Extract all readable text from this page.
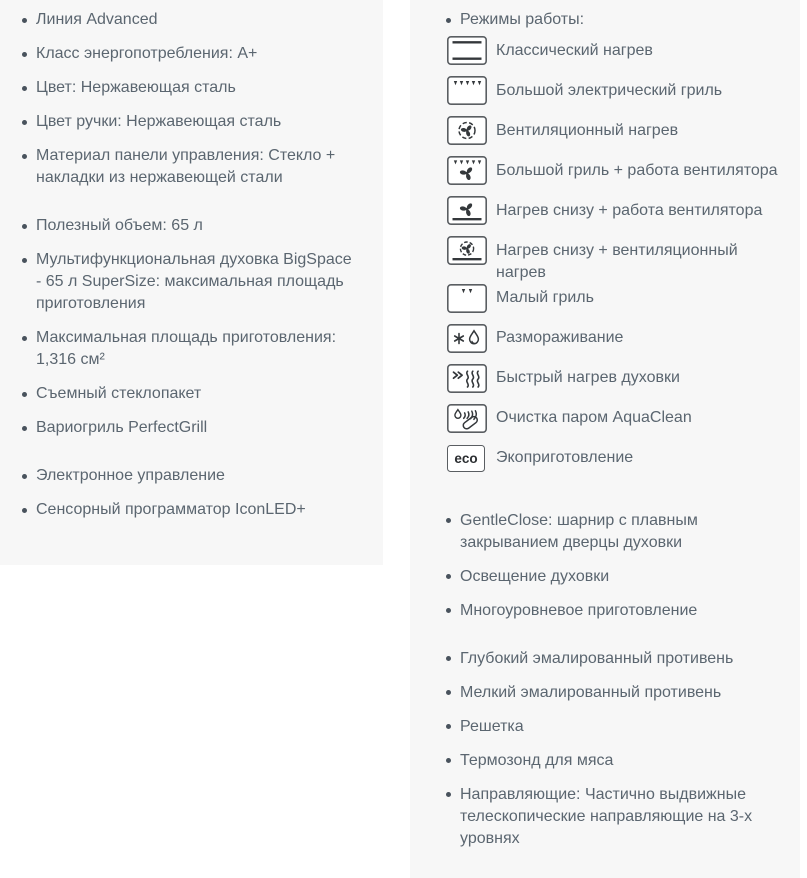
Линия Advanced
Класс энергопотребления: A+
Цвет: Нержавеющая сталь
Цвет ручки: Нержавеющая сталь
Материал панели управления: Стекло + накладки из нержавеющей стали
Полезный объем: 65 л
Мультифункциональная духовка BigSpace - 65 л SuperSize: максимальная площадь приготовления
Максимальная площадь приготовления: 1,316 см²
Съемный стеклопакет
Вариогриль PerfectGrill
Электронное управление
Сенсорный программатор IconLED+
Режимы работы:
Классический нагрев
Большой электрический гриль
Вентиляционный нагрев
Большой гриль + работа вентилятора
Нагрев снизу + работа вентилятора
Нагрев снизу + вентиляционный нагрев
Малый гриль
Размораживание
Быстрый нагрев духовки
Очистка паром AquaClean
eco	Экоприготовление
GentleClose: шарнир с плавным закрыванием дверцы духовки
Освещение духовки
Многоуровневое приготовление
Глубокий эмалированный противень
Мелкий эмалированный противень
Решетка
Термозонд для мяса
Направляющие: Частично выдвижные телескопические направляющие на 3-х уровнях
